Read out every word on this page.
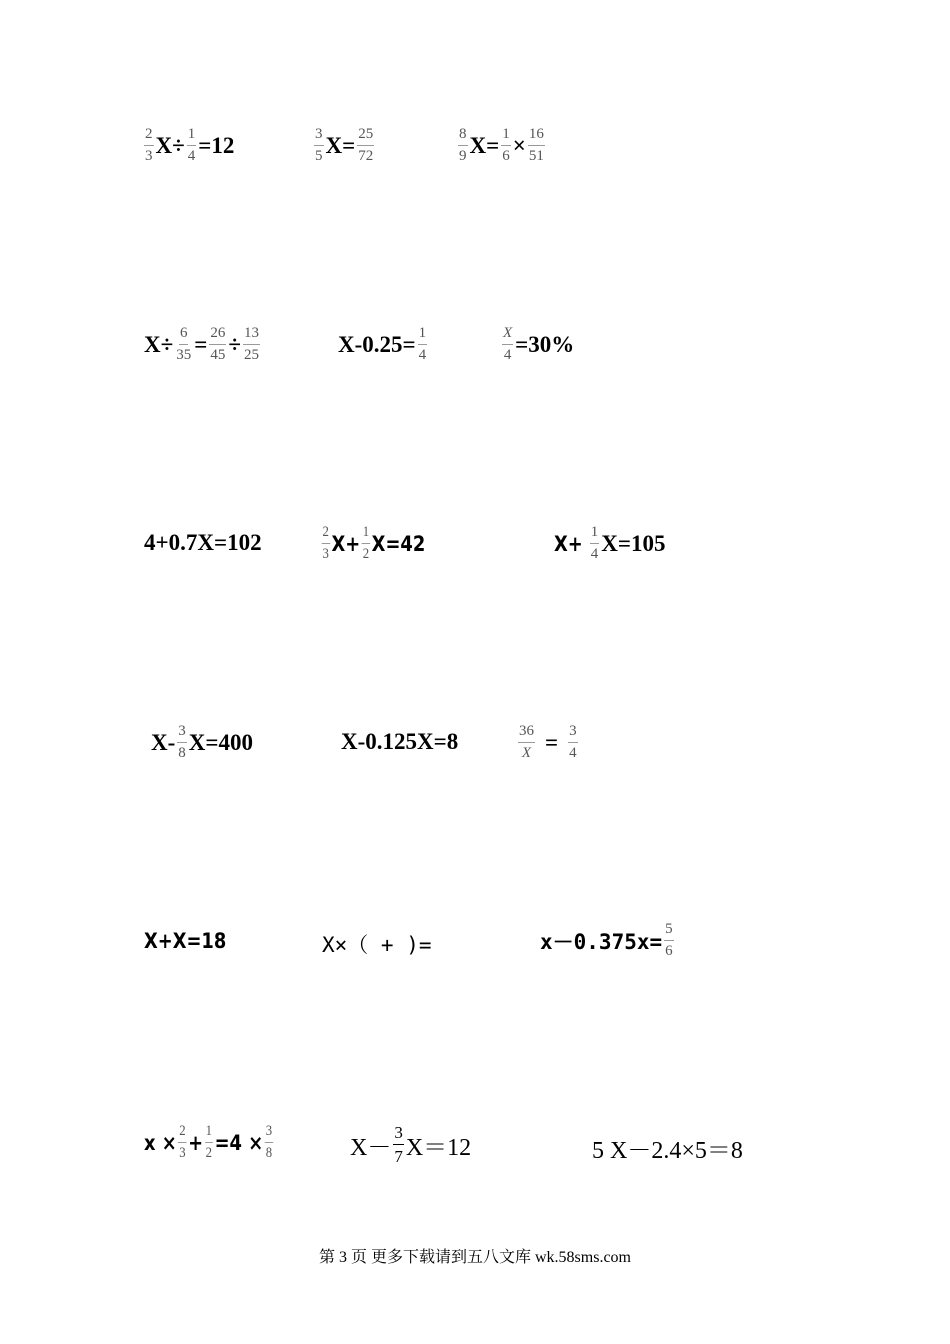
$\frac{2}{3} X\div \frac{1}{4} =12$	$\frac{3}{5} X= \frac{25}{72}$	$\frac{8}{9} X= \frac{1}{6} \times \frac{16}{51}$
$X\div \frac{6}{35} = \frac{26}{45} \div \frac{13}{25}$	$X-0.25= \frac{1}{4}$	$\frac{X}{4} =30\%$
4+0.7X=102	$\frac{2}{3} X+ \frac{1}{2} X=42$	$X+ \frac{1}{4} X=105$
$X- \frac{3}{8} X=400$	X-0.125X=8	$\frac{36}{X} = \frac{3}{4}$
X+X=18	X×（ + )=	$x-0.375x= \frac{5}{6}$
$x \times \frac{2}{3} + \frac{1}{2} =4 \times \frac{3}{8}$	$X- \frac{3}{7} X=12$	5 X－2.4×5＝8
第 3 页 更多下载请到五八文库 wk.58sms.com
